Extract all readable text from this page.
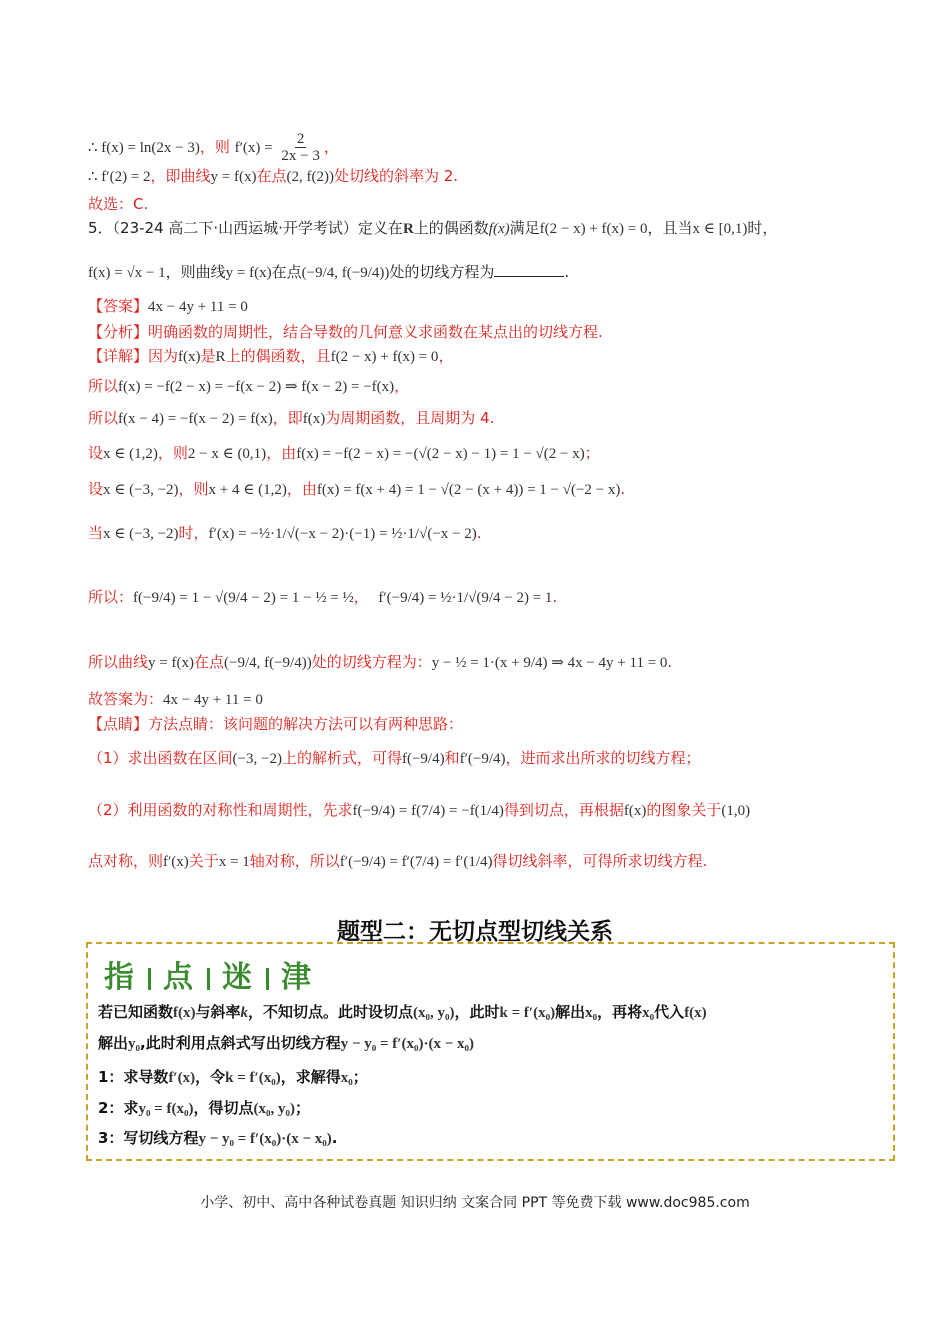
∴ f(x) = ln(2x − 3)，则 $f'(x) = \frac{2}{2x - 3}$ ，
∴ f′(2) = 2，即曲线y = f(x)在点(2, f(2))处切线的斜率为 2.
故选：C.
5．（23-24 高二下·山西运城·开学考试）定义在R上的偶函数f(x)满足f(2 − x) + f(x) = 0，且当x ∈ [0,1)时，
f(x) = √x − 1，则曲线y = f(x)在点(−9/4, f(−9/4))处的切线方程为	.
【答案】4x − 4y + 11 = 0
【分析】明确函数的周期性，结合导数的几何意义求函数在某点出的切线方程.
【详解】因为f(x)是R上的偶函数，且f(2 − x) + f(x) = 0，
所以f(x) = −f(2 − x) = −f(x − 2) ⇒ f(x − 2) = −f(x)，
所以f(x − 4) = −f(x − 2) = f(x)，即f(x)为周期函数，且周期为 4.
设x ∈ (1,2)，则2 − x ∈ (0,1)，由f(x) = −f(2 − x) = −(√(2 − x) − 1) = 1 − √(2 − x)；
设x ∈ (−3, −2)，则x + 4 ∈ (1,2)，由f(x) = f(x + 4) = 1 − √(2 − (x + 4)) = 1 − √(−2 − x).
当x ∈ (−3, −2)时，f′(x) = −½·1/√(−x − 2)·(−1) = ½·1/√(−x − 2).
所以：f(−9/4) = 1 − √(9/4 − 2) = 1 − ½ = ½， f′(−9/4) = ½·1/√(9/4 − 2) = 1.
所以曲线y = f(x)在点(−9/4, f(−9/4))处的切线方程为：y − ½ = 1·(x + 9/4) ⇒ 4x − 4y + 11 = 0.
故答案为：4x − 4y + 11 = 0
【点睛】方法点睛：该问题的解决方法可以有两种思路：
（1）求出函数在区间(−3, −2)上的解析式，可得f(−9/4)和f′(−9/4)，进而求出所求的切线方程；
（2）利用函数的对称性和周期性，先求f(−9/4) = f(7/4) = −f(1/4)得到切点，再根据f(x)的图象关于(1,0)
点对称，则f′(x)关于x = 1轴对称，所以f′(−9/4) = f′(7/4) = f′(1/4)得切线斜率，可得所求切线方程.
题型二：无切点型切线关系
指 点 迷 津
若已知函数f(x)与斜率k，不知切点。此时设切点(x₀, y₀)，此时k = f′(x₀)解出x₀，再将x₀代入f(x)
解出y₀,此时利用点斜式写出切线方程y − y₀ = f′(x₀)·(x − x₀)
1：求导数f′(x)，令k = f′(x₀)，求解得x₀；
2：求y₀ = f(x₀)，得切点(x₀, y₀)；
3：写切线方程y − y₀ = f′(x₀)·(x − x₀).
小学、初中、高中各种试卷真题 知识归纳 文案合同 PPT 等免费下载 www.doc985.com
